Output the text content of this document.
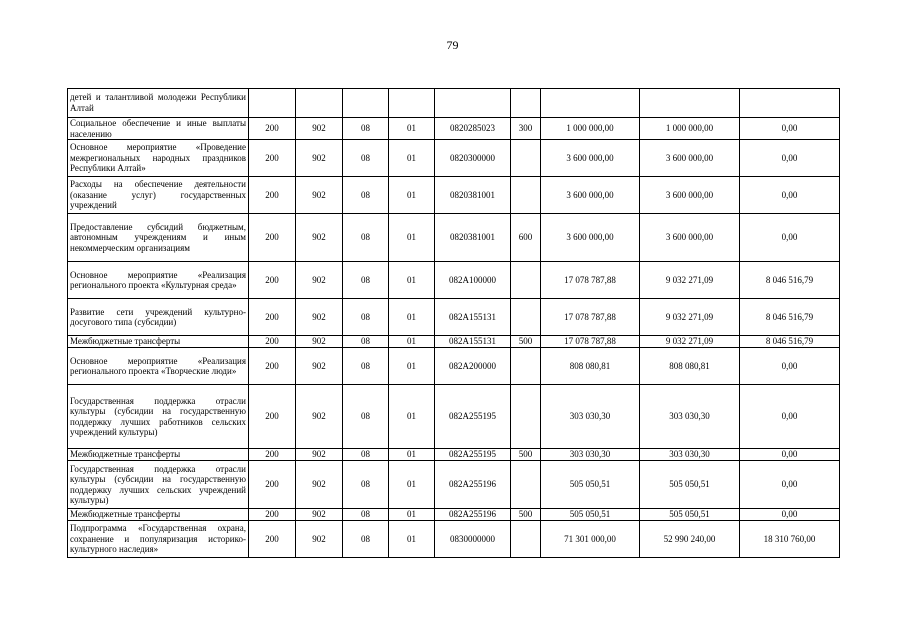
79
детей и талантливой молодежи Республики Алтай									
Социальное обеспечение и иные выплаты населению	200	902	08	01	0820285023	300	1 000 000,00	1 000 000,00	0,00
Основное мероприятие «Проведение межрегиональных народных праздников Республики Алтай»	200	902	08	01	0820300000		3 600 000,00	3 600 000,00	0,00
Расходы на обеспечение деятельности (оказание услуг) государственных учреждений	200	902	08	01	0820381001		3 600 000,00	3 600 000,00	0,00
Предоставление субсидий бюджетным, автономным учреждениям и иным некоммерческим организациям	200	902	08	01	0820381001	600	3 600 000,00	3 600 000,00	0,00
Основное мероприятие «Реализация регионального проекта «Культурная среда»	200	902	08	01	082A100000		17 078 787,88	9 032 271,09	8 046 516,79
Развитие сети учреждений культурно-досугового типа (субсидии)	200	902	08	01	082A155131		17 078 787,88	9 032 271,09	8 046 516,79
Межбюджетные трансферты	200	902	08	01	082A155131	500	17 078 787,88	9 032 271,09	8 046 516,79
Основное мероприятие «Реализация регионального проекта «Творческие люди»	200	902	08	01	082A200000		808 080,81	808 080,81	0,00
Государственная поддержка отрасли культуры (субсидии на государственную поддержку лучших работников сельских учреждений культуры)	200	902	08	01	082A255195		303 030,30	303 030,30	0,00
Межбюджетные трансферты	200	902	08	01	082A255195	500	303 030,30	303 030,30	0,00
Государственная поддержка отрасли культуры (субсидии на государственную поддержку лучших сельских учреждений культуры)	200	902	08	01	082A255196		505 050,51	505 050,51	0,00
Межбюджетные трансферты	200	902	08	01	082A255196	500	505 050,51	505 050,51	0,00
Подпрограмма «Государственная охрана, сохранение и популяризация историко-культурного наследия»	200	902	08	01	0830000000		71 301 000,00	52 990 240,00	18 310 760,00
